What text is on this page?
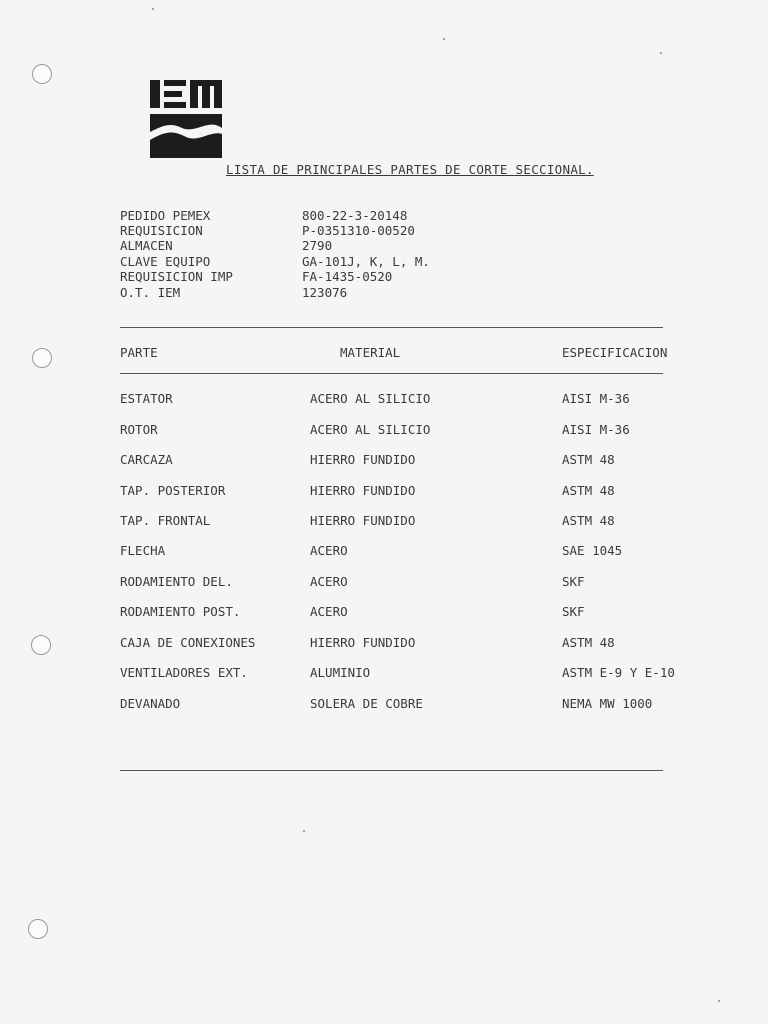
LISTA DE PRINCIPALES PARTES DE CORTE SECCIONAL.
PEDIDO PEMEX	800-22-3-20148
REQUISICION	P-0351310-00520
ALMACEN	2790
CLAVE EQUIPO	GA-101J, K, L, M.
REQUISICION IMP	FA-1435-0520
O.T. IEM	123076
PARTE	MATERIAL	ESPECIFICACION
ESTATOR	ACERO AL SILICIO	AISI M-36
ROTOR	ACERO AL SILICIO	AISI M-36
CARCAZA	HIERRO FUNDIDO	ASTM 48
TAP. POSTERIOR	HIERRO FUNDIDO	ASTM 48
TAP. FRONTAL	HIERRO FUNDIDO	ASTM 48
FLECHA	ACERO	SAE 1045
RODAMIENTO DEL.	ACERO	SKF
RODAMIENTO POST.	ACERO	SKF
CAJA DE CONEXIONES	HIERRO FUNDIDO	ASTM 48
VENTILADORES EXT.	ALUMINIO	ASTM E-9 Y E-10
DEVANADO	SOLERA DE COBRE	NEMA MW 1000
